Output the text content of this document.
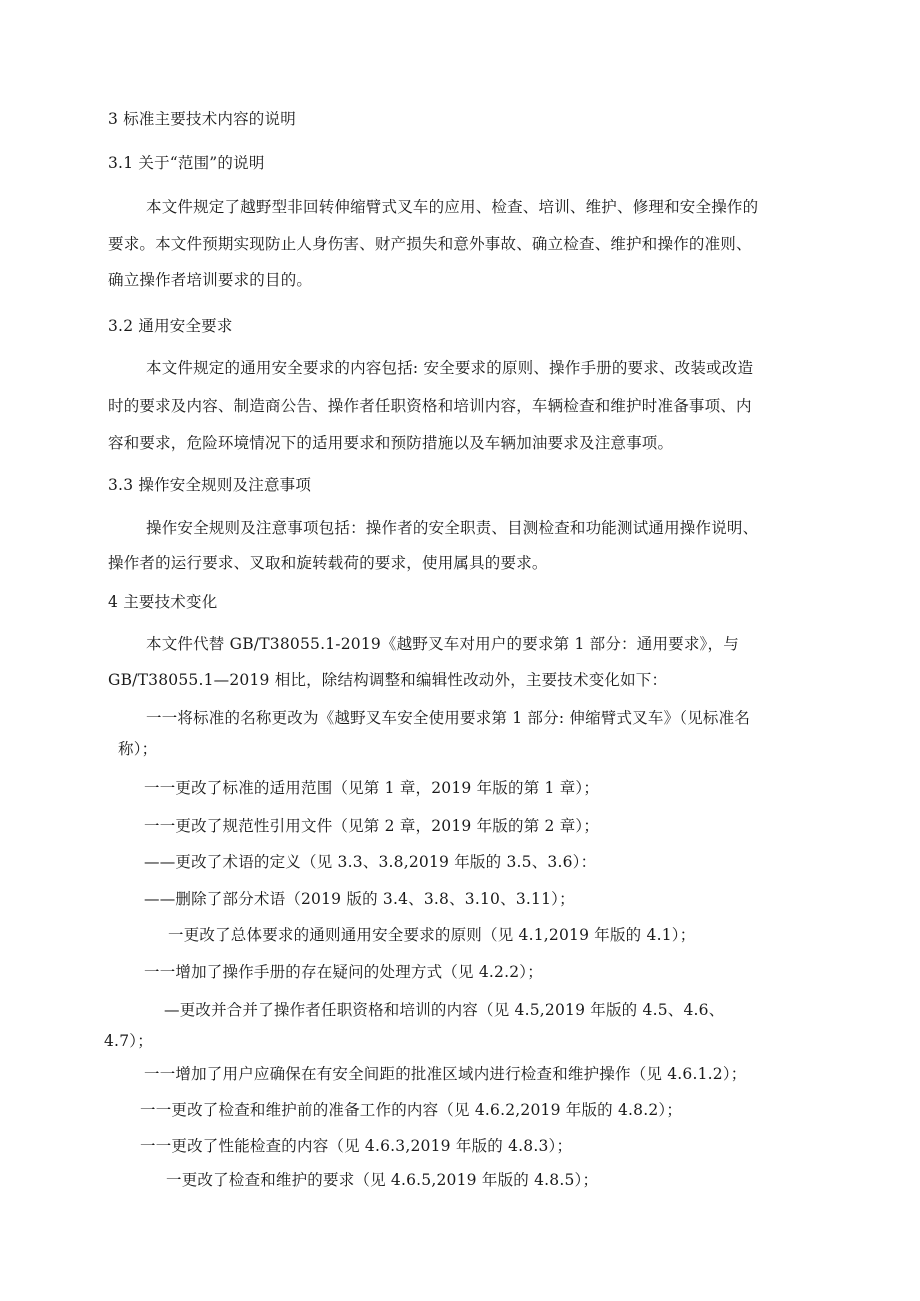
3 标准主要技术内容的说明
3.1 关于“范围”的说明
本文件规定了越野型非回转伸缩臂式叉车的应用、检查、培训、维护、修理和安全操作的
要求。本文件预期实现防止人身伤害、财产损失和意外事故、确立检查、维护和操作的准则、
确立操作者培训要求的目的。
3.2 通用安全要求
本文件规定的通用安全要求的内容包括: 安全要求的原则、操作手册的要求、改装或改造
时的要求及内容、制造商公告、操作者任职资格和培训内容，车辆检查和维护时准备事项、内
容和要求，危险环境情况下的适用要求和预防措施以及车辆加油要求及注意事项。
3.3 操作安全规则及注意事项
操作安全规则及注意事项包括：操作者的安全职责、目测检查和功能测试通用操作说明、
操作者的运行要求、叉取和旋转载荷的要求，使用属具的要求。
4 主要技术变化
本文件代替 GB/T38055.1-2019《越野叉车对用户的要求第 1 部分：通用要求》，与
GB/T38055.1—2019 相比，除结构调整和编辑性改动外，主要技术变化如下：
一一将标准的名称更改为《越野叉车安全使用要求第 1 部分: 伸缩臂式叉车》（见标准名
称）；
一一更改了标准的适用范围（见第 1 章，2019 年版的第 1 章）；
一一更改了规范性引用文件（见第 2 章，2019 年版的第 2 章）；
——更改了术语的定义（见 3.3、3.8,2019 年版的 3.5、3.6）：
——删除了部分术语（2019 版的 3.4、3.8、3.10、3.11）；
一更改了总体要求的通则通用安全要求的原则（见 4.1,2019 年版的 4.1）；
一一增加了操作手册的存在疑问的处理方式（见 4.2.2）；
—更改并合并了操作者任职资格和培训的内容（见 4.5,2019 年版的 4.5、4.6、
4.7）；
一一增加了用户应确保在有安全间距的批准区域内进行检查和维护操作（见 4.6.1.2）；
一一更改了检查和维护前的准备工作的内容（见 4.6.2,2019 年版的 4.8.2）；
一一更改了性能检查的内容（见 4.6.3,2019 年版的 4.8.3）；
一更改了检查和维护的要求（见 4.6.5,2019 年版的 4.8.5）；
